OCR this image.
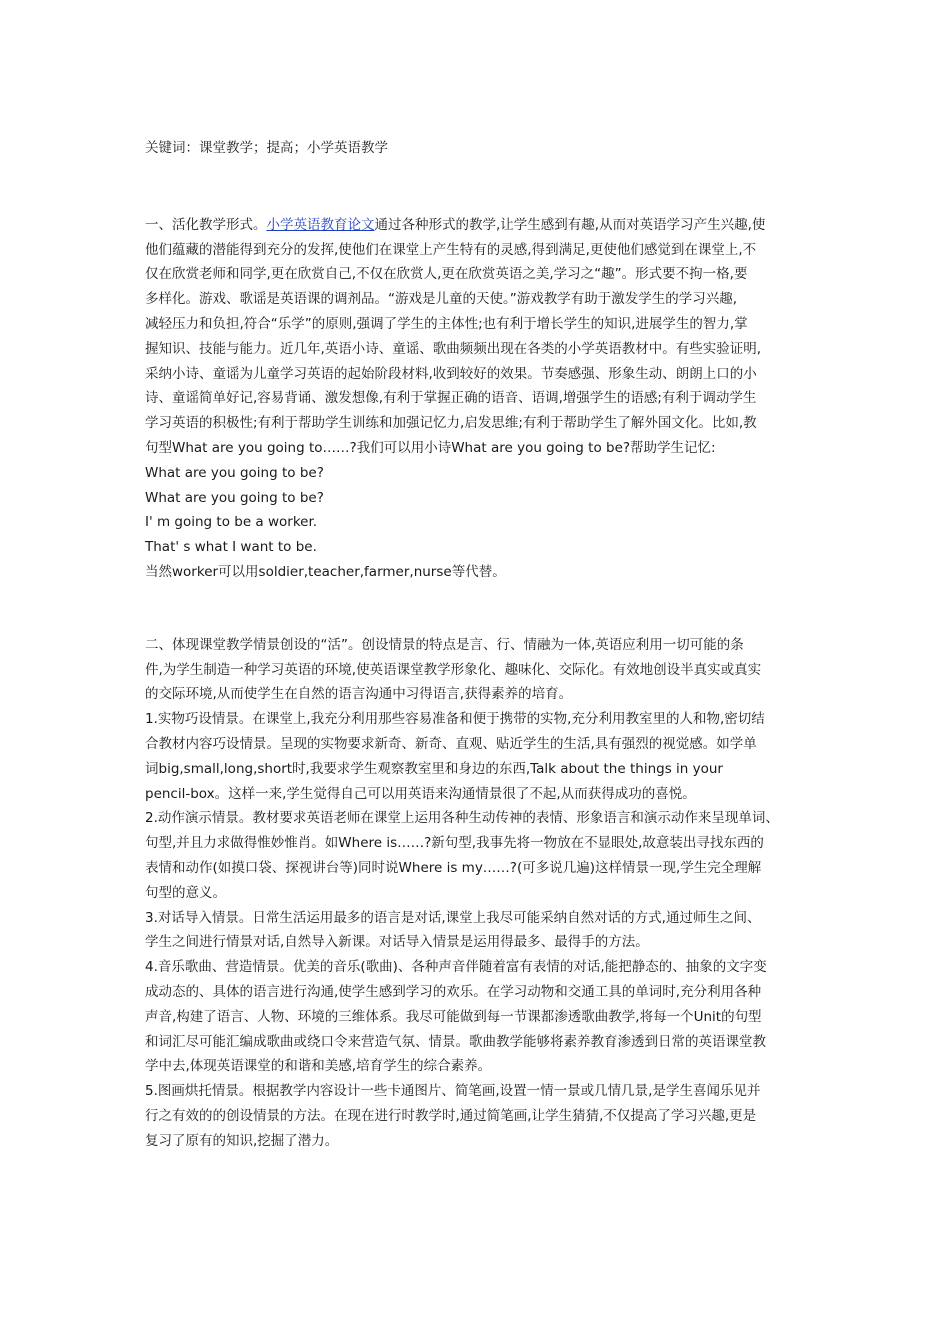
关键词：课堂教学；提高；小学英语教学

一、活化教学形式。小学英语教育论文通过各种形式的教学,让学生感到有趣,从而对英语学习产生兴趣,使

他们蕴藏的潜能得到充分的发挥,使他们在课堂上产生特有的灵感,得到满足,更使他们感觉到在课堂上,不

仅在欣赏老师和同学,更在欣赏自己,不仅在欣赏人,更在欣赏英语之美,学习之“趣”。形式要不拘一格,要

多样化。游戏、歌谣是英语课的调剂品。“游戏是儿童的天使。”游戏教学有助于激发学生的学习兴趣,

减轻压力和负担,符合“乐学”的原则,强调了学生的主体性;也有利于增长学生的知识,进展学生的智力,掌

握知识、技能与能力。近几年,英语小诗、童谣、歌曲频频出现在各类的小学英语教材中。有些实验证明,

采纳小诗、童谣为儿童学习英语的起始阶段材料,收到较好的效果。节奏感强、形象生动、朗朗上口的小

诗、童谣简单好记,容易背诵、激发想像,有利于掌握正确的语音、语调,增强学生的语感;有利于调动学生

学习英语的积极性;有利于帮助学生训练和加强记忆力,启发思维;有利于帮助学生了解外国文化。比如,教

句型What are you going to……?我们可以用小诗What are you going to be?帮助学生记忆:

What are you going to be?

What are you going to be?

I' m going to be a worker.

That' s what I want to be.

当然worker可以用soldier,teacher,farmer,nurse等代替。

二、体现课堂教学情景创设的“活”。创设情景的特点是言、行、情融为一体,英语应利用一切可能的条

件,为学生制造一种学习英语的环境,使英语课堂教学形象化、趣味化、交际化。有效地创设半真实或真实

的交际环境,从而使学生在自然的语言沟通中习得语言,获得素养的培育。

1.实物巧设情景。在课堂上,我充分利用那些容易准备和便于携带的实物,充分利用教室里的人和物,密切结

合教材内容巧设情景。呈现的实物要求新奇、新奇、直观、贴近学生的生活,具有强烈的视觉感。如学单

词big,small,long,short时,我要求学生观察教室里和身边的东西,Talk about the things in your

pencil-box。这样一来,学生觉得自己可以用英语来沟通情景很了不起,从而获得成功的喜悦。

2.动作演示情景。教材要求英语老师在课堂上运用各种生动传神的表情、形象语言和演示动作来呈现单词、

句型,并且力求做得惟妙惟肖。如Where is……?新句型,我事先将一物放在不显眼处,故意装出寻找东西的

表情和动作(如摸口袋、探视讲台等)同时说Where is my……?(可多说几遍)这样情景一现,学生完全理解

句型的意义。

3.对话导入情景。日常生活运用最多的语言是对话,课堂上我尽可能采纳自然对话的方式,通过师生之间、

学生之间进行情景对话,自然导入新课。对话导入情景是运用得最多、最得手的方法。

4.音乐歌曲、营造情景。优美的音乐(歌曲)、各种声音伴随着富有表情的对话,能把静态的、抽象的文字变

成动态的、具体的语言进行沟通,使学生感到学习的欢乐。在学习动物和交通工具的单词时,充分利用各种

声音,构建了语言、人物、环境的三维体系。我尽可能做到每一节课都渗透歌曲教学,将每一个Unit的句型

和词汇尽可能汇编成歌曲或绕口令来营造气氛、情景。歌曲教学能够将素养教育渗透到日常的英语课堂教

学中去,体现英语课堂的和谐和美感,培育学生的综合素养。

5.图画烘托情景。根据教学内容设计一些卡通图片、简笔画,设置一情一景或几情几景,是学生喜闻乐见并

行之有效的的创设情景的方法。在现在进行时教学时,通过简笔画,让学生猜猜,不仅提高了学习兴趣,更是

复习了原有的知识,挖掘了潜力。
